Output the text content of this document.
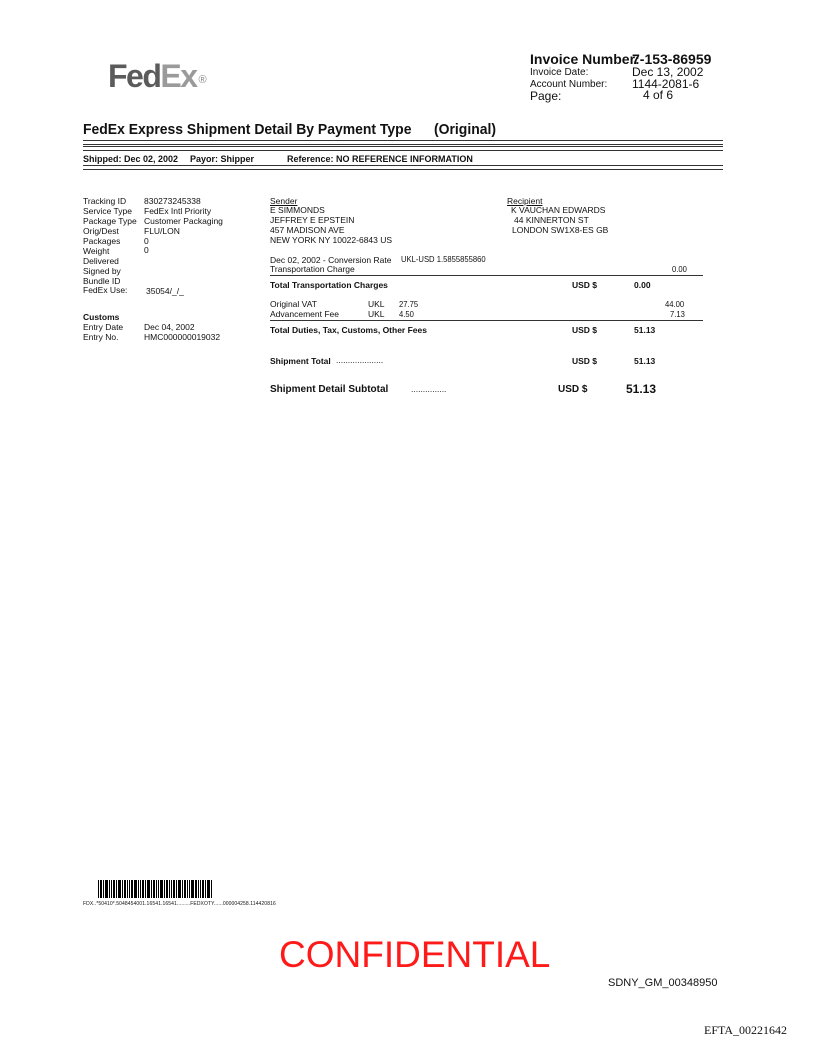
FedEx ®
Invoice Number:
7-153-86959
Invoice Date:	Dec 13, 2002
Account Number: 1144-2081-6
Page:	4 of 6
FedEx Express Shipment Detail By Payment Type (Original)
Shipped: Dec 02, 2002 Payor: Shipper	Reference: NO REFERENCE INFORMATION
Tracking ID 830273245338
Service Type FedEx Intl Priority
Package Type Customer Packaging
Orig/Dest	FLU/LON
Packages	0
Weight	0
Delivered
Signed by
Bundle ID
FedEx Use: 35054/_/_
Customs
Entry Date Dec 04, 2002
Entry No.	HMC000000019032
Sender
E SIMMONDS
JEFFREY E EPSTEIN
457 MADISON AVE
NEW YORK NY 10022-6843 US
Recipient
K VAUCHAN EDWARDS
44 KINNERTON ST
LONDON SW1X8-ES GB
Dec 02, 2002 - Conversion Rate UKL-USD 1.5855855860
Transportation Charge	0.00
Total Transportation Charges	USD $	0.00
Original VAT	UKL 27.75	44.00
Advancement Fee	UKL 4.50	7.13
Total Duties, Tax, Customs, Other Fees	USD $	51.13
Shipment Total ....................	USD $	51.13
Shipment Detail Subtotal	...............	USD $	51.13
FDX..*50410*.5048454001.16541.16541.........FEDXOTY......000004258.114420816
CONFIDENTIAL
SDNY_GM_00348950
EFTA_00221642
